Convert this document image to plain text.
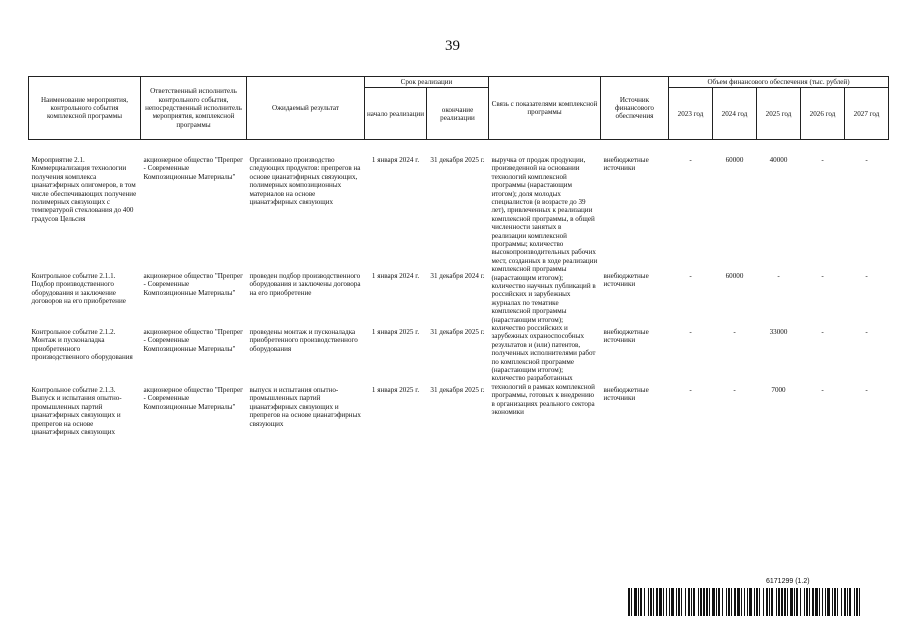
39
Наименование мероприятия, контрольного события комплексной программы	Ответственный исполнитель контрольного события, непосредственный исполнитель мероприятия, комплексной программы	Ожидаемый результат	Срок реализации		Связь с показателями комплексной программы	Источник финансового обеспечения	Объем финансового обеспечения (тыс. рублей)				
			начало реализации	окончание реализации			2023 год	2024 год	2025 год	2026 год	2027 год

Мероприятие 2.1. Коммерциализация технологии получения комплекса цианатэфирных олигомеров, в том числе обеспечивающих получение полимерных связующих с температурой стеклования до 400 градусов Цельсия	акционерное общество "Препрег - Современные Композиционные Материалы"	Организовано производство следующих продуктов: препрегов на основе цианатэфирных связующих, полимерных композиционных материалов на основе цианатэфирных связующих	1 января 2024 г.	31 декабря 2025 г.	выручка от продаж продукции, произведенной на основании технологий комплексной программы (нарастающим итогом); доля молодых специалистов (в возрасте до 39 лет), привлеченных к реализации комплексной программы, в общей численности занятых в реализации комплексной программы; количество высокопроизводительных рабочих мест, созданных в ходе реализации комплексной программы (нарастающим итогом); количество научных публикаций в российских и зарубежных журналах по тематике комплексной программы (нарастающим итогом); количество российских и зарубежных охраноспособных результатов и (или) патентов, полученных исполнителями работ по комплексной программе (нарастающим итогом); количество разработанных технологий в рамках комплексной программы, готовых к внедрению в организациях реального сектора экономики	внебюджетные источники	-	60000	40000	-	-
Контрольное событие 2.1.1. Подбор производственного оборудования и заключение договоров на его приобретение	акционерное общество "Препрег - Современные Композиционные Материалы"	проведен подбор производственного оборудования и заключены договора на его приобретение	1 января 2024 г.	31 декабря 2024 г.		внебюджетные источники	-	60000	-	-	-
Контрольное событие 2.1.2. Монтаж и пусконаладка приобретенного производственного оборудования	акционерное общество "Препрег - Современные Композиционные Материалы"	проведены монтаж и пусконаладка приобретенного производственного оборудования	1 января 2025 г.	31 декабря 2025 г.		внебюджетные источники	-	-	33000	-	-
Контрольное событие 2.1.3. Выпуск и испытания опытно-промышленных партий цианатэфирных связующих и препрегов на основе цианатэфирных связующих	акционерное общество "Препрег - Современные Композиционные Материалы"	выпуск и испытания опытно-промышленных партий цианатэфирных связующих и препрегов на основе цианатэфирных связующих	1 января 2025 г.	31 декабря 2025 г.		внебюджетные источники	-	-	7000	-	-
6171299 (1.2)
